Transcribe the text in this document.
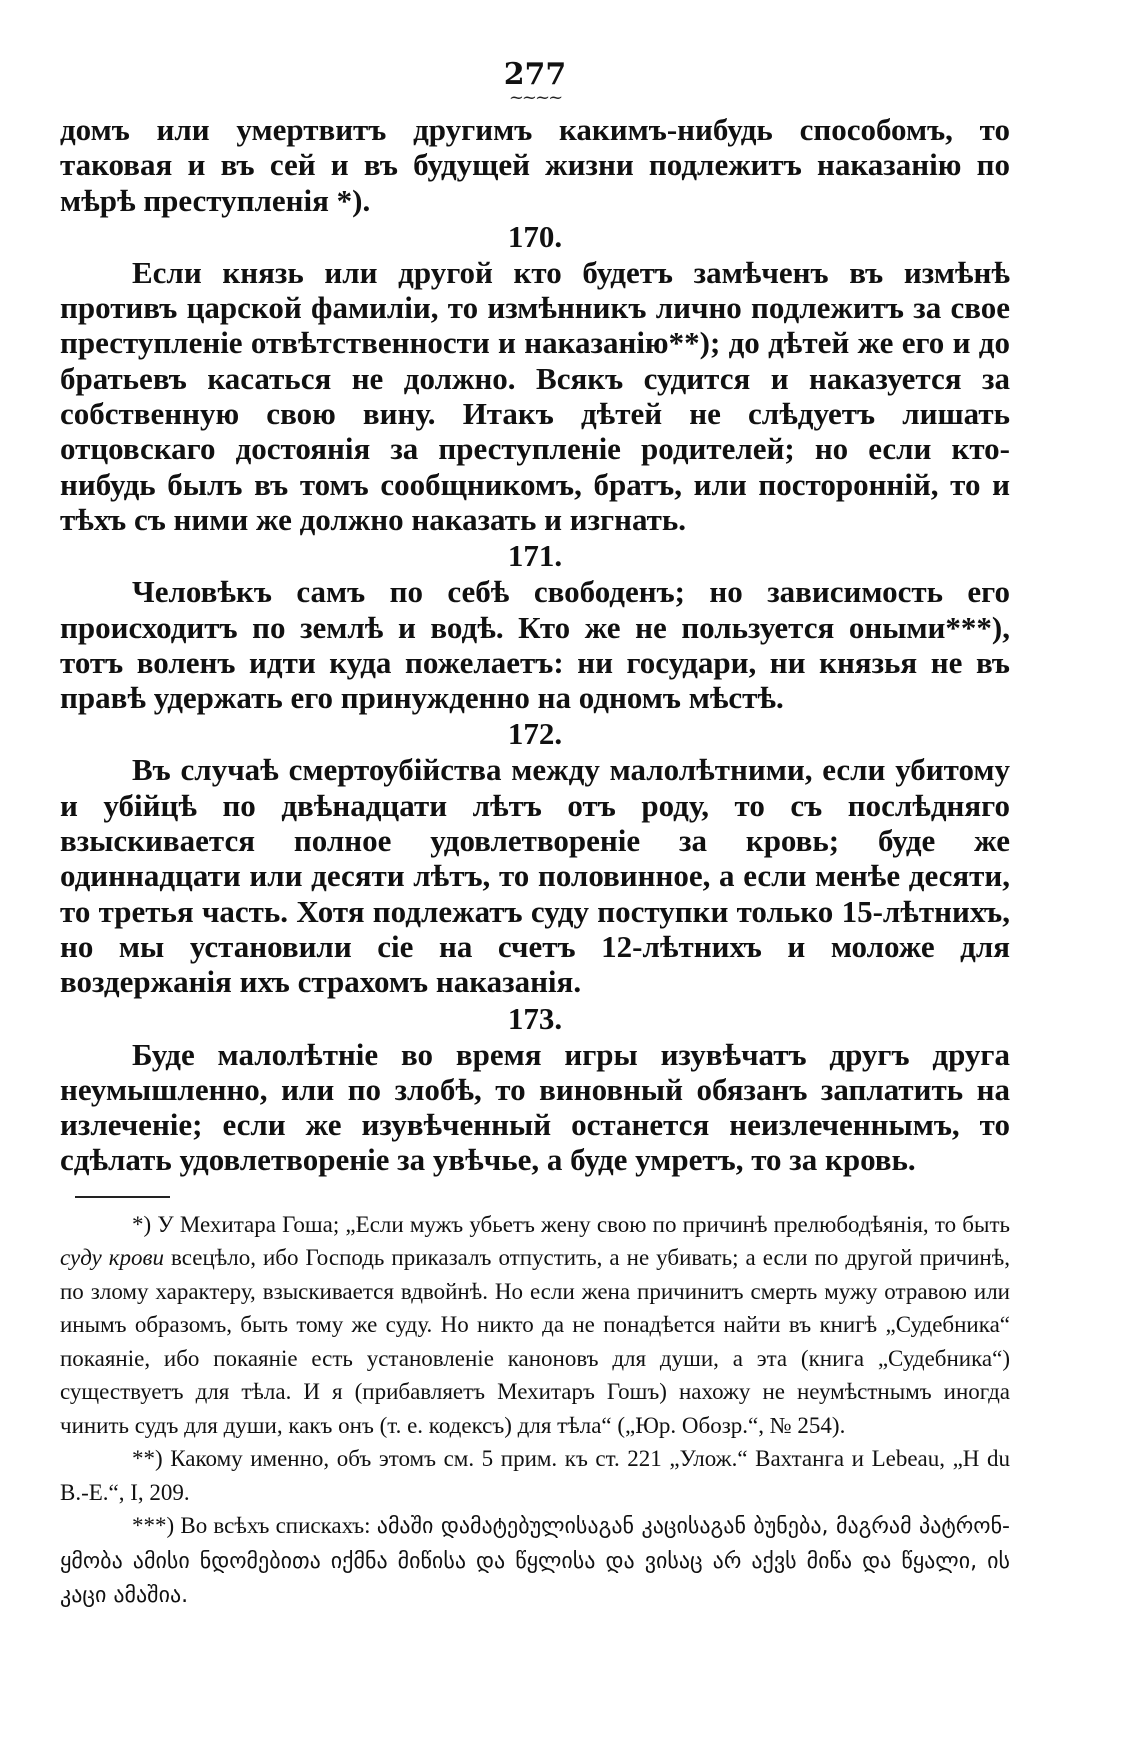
277
~~~~

домъ или умертвитъ другимъ какимъ-нибудь способомъ, то таковая и въ сей и въ будущей жизни подлежитъ наказанію по мѣрѣ преступленія *).

170.

Если князь или другой кто будетъ замѣченъ въ измѣнѣ противъ царской фамиліи, то измѣнникъ лично подлежитъ за свое преступленіе отвѣтственности и наказанію**); до дѣтей же его и до братьевъ касаться не должно. Всякъ судится и наказуется за собственную свою вину. Итакъ дѣтей не слѣдуетъ лишать отцовскаго достоянія за преступленіе родителей; но если кто-нибудь былъ въ томъ сообщникомъ, братъ, или посторонній, то и тѣхъ съ ними же должно наказать и изгнать.

171.

Человѣкъ самъ по себѣ свободенъ; но зависимость его происходитъ по землѣ и водѣ. Кто же не пользуется оными***), тотъ воленъ идти куда пожелаетъ: ни государи, ни князья не въ правѣ удержать его принужденно на одномъ мѣстѣ.

172.

Въ случаѣ смертоубійства между малолѣтними, если убитому и убійцѣ по двѣнадцати лѣтъ отъ роду, то съ послѣдняго взыскивается полное удовлетвореніе за кровь; буде же одиннадцати или десяти лѣтъ, то половинное, а если менѣе десяти, то третья часть. Хотя подлежатъ суду поступки только 15-лѣтнихъ, но мы установили сіе на счетъ 12-лѣтнихъ и моложе для воздержанія ихъ страхомъ наказанія.

173.

Буде малолѣтніе во время игры изувѣчатъ другъ друга неумышленно, или по злобѣ, то виновный обязанъ заплатить на излеченіе; если же изувѣченный останется неизлеченнымъ, то сдѣлать удовлетвореніе за увѣчье, а буде умретъ, то за кровь.

*) У Мехитара Гоша; „Если мужъ убьетъ жену свою по причинѣ прелюбодѣянія, то быть суду крови всецѣло, ибо Господь приказалъ отпустить, а не убивать; а если по другой причинѣ, по злому характеру, взыскивается вдвойнѣ. Но если жена причинитъ смерть мужу отравою или инымъ образомъ, быть тому же суду. Но никто да не понадѣется найти въ книгѣ „Судебника“ покаяніе, ибо покаяніе есть установленіе каноновъ для души, а эта (книга „Судебника“) существуетъ для тѣла. И я (прибавляетъ Мехитаръ Гошъ) нахожу не неумѣстнымъ иногда чинить судъ для души, какъ онъ (т. е. кодексъ) для тѣла“ („Юр. Обозр.“, № 254).

**) Какому именно, объ этомъ см. 5 прим. къ ст. 221 „Улож.“ Вахтанга и Lebeau, „H du B.-E.“, I, 209.

***) Во всѣхъ спискахъ: ამაში დამატებულისაგან კაცისაგან ბუნება, მაგრამ პატრონ-ყმობა ამისი ნდომებითა იქმნა მიწისა და წყლისა და ვისაც არ აქვს მიწა და წყალი, ის კაცი ამაშია.
